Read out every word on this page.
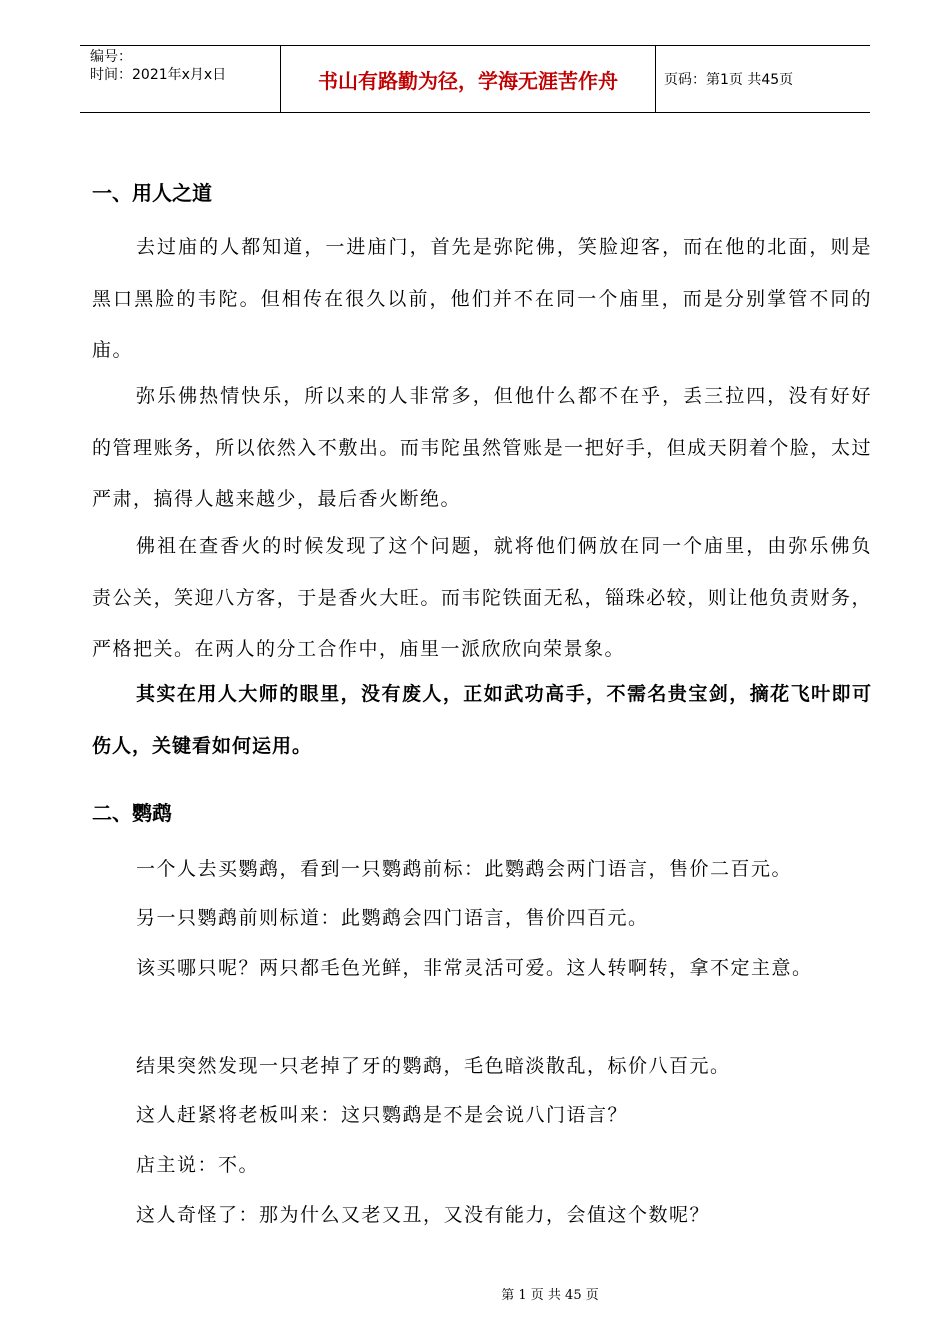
编号：
时间：2021年x月x日	书山有路勤为径，学海无涯苦作舟	页码：第1页 共45页
一、用人之道

去过庙的人都知道，一进庙门，首先是弥陀佛，笑脸迎客，而在他的北面，则是黑口黑脸的韦陀。但相传在很久以前，他们并不在同一个庙里，而是分别掌管不同的庙。

弥乐佛热情快乐，所以来的人非常多，但他什么都不在乎，丢三拉四，没有好好的管理账务，所以依然入不敷出。而韦陀虽然管账是一把好手，但成天阴着个脸，太过严肃，搞得人越来越少，最后香火断绝。

佛祖在查香火的时候发现了这个问题，就将他们俩放在同一个庙里，由弥乐佛负责公关，笑迎八方客，于是香火大旺。而韦陀铁面无私，锱珠必较，则让他负责财务，严格把关。在两人的分工合作中，庙里一派欣欣向荣景象。

其实在用人大师的眼里，没有废人，正如武功高手，不需名贵宝剑，摘花飞叶即可伤人，关键看如何运用。

二、鹦鹉
一个人去买鹦鹉，看到一只鹦鹉前标：此鹦鹉会两门语言，售价二百元。
另一只鹦鹉前则标道：此鹦鹉会四门语言，售价四百元。
该买哪只呢？两只都毛色光鲜，非常灵活可爱。这人转啊转，拿不定主意。
结果突然发现一只老掉了牙的鹦鹉，毛色暗淡散乱，标价八百元。
这人赶紧将老板叫来：这只鹦鹉是不是会说八门语言？
店主说：不。
这人奇怪了：那为什么又老又丑，又没有能力，会值这个数呢？
第 1 页 共 45 页
